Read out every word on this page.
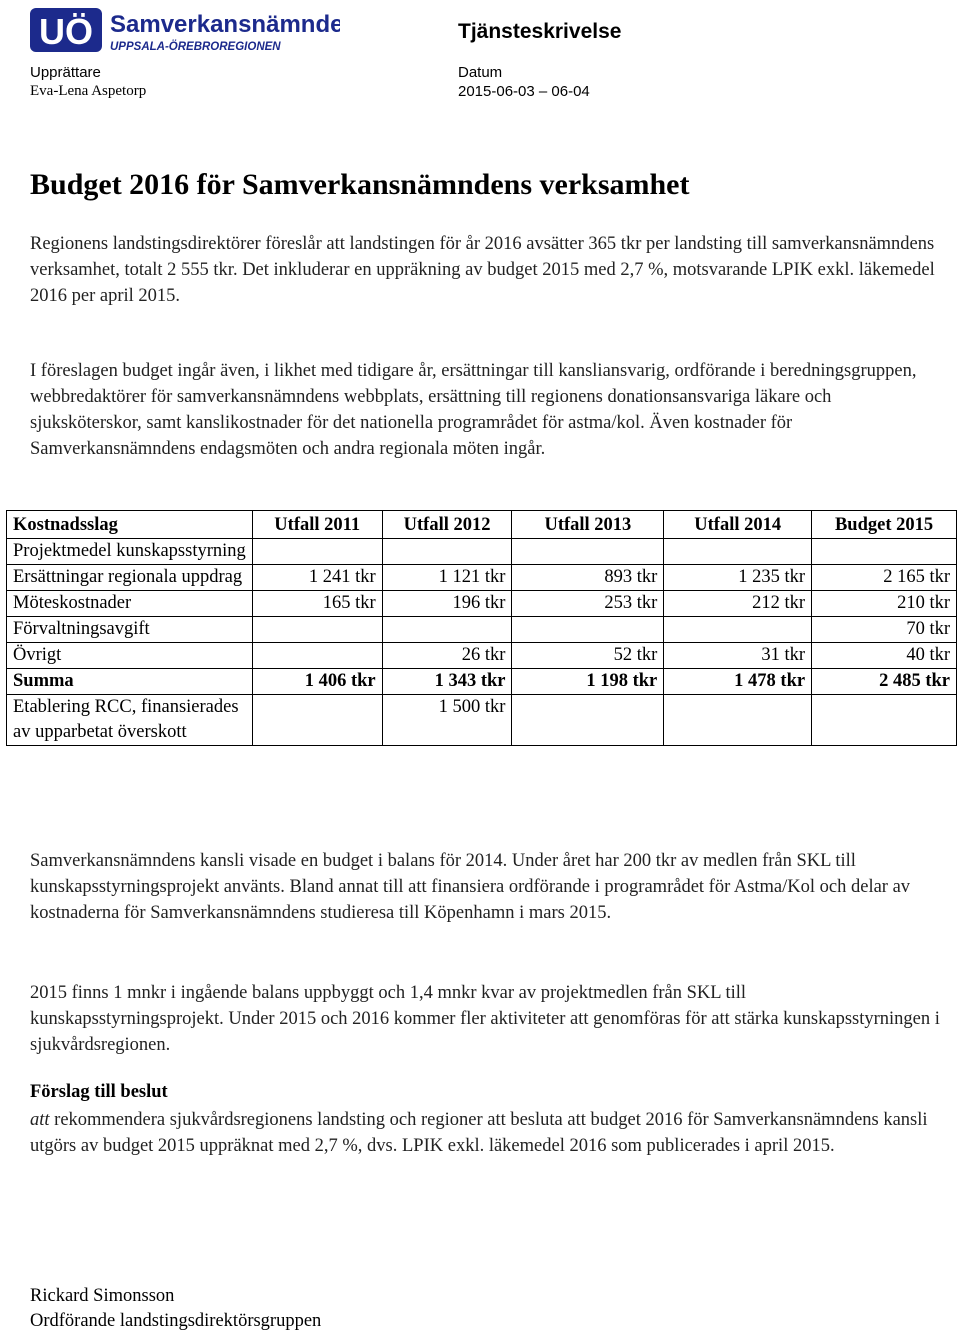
UÖ Samverkansnämnden
UPPSALA-ÖREBROREGIONEN
Tjänsteskrivelse
Upprättare
Eva-Lena Aspetorp
Datum
2015-06-03 – 06-04
Budget 2016 för Samverkansnämndens verksamhet
Regionens landstingsdirektörer föreslår att landstingen för år 2016 avsätter 365 tkr per landsting till samverkansnämndens verksamhet, totalt 2 555 tkr. Det inkluderar en uppräkning av budget 2015 med 2,7 %, motsvarande LPIK exkl. läkemedel 2016 per april 2015.
I föreslagen budget ingår även, i likhet med tidigare år, ersättningar till kansliansvarig, ordförande i beredningsgruppen, webbredaktörer för samverkansnämndens webbplats, ersättning till regionens donationsansvariga läkare och sjuksköterskor, samt kanslikostnader för det nationella programrådet för astma/kol. Även kostnader för Samverkansnämndens endagsmöten och andra regionala möten ingår.
Kostnadsslag	Utfall 2011	Utfall 2012	Utfall 2013	Utfall 2014	Budget 2015
Projektmedel kunskapsstyrning					
Ersättningar regionala uppdrag	1 241 tkr	1 121 tkr	893 tkr	1 235 tkr	2 165 tkr
Möteskostnader	165 tkr	196 tkr	253 tkr	212 tkr	210 tkr
Förvaltningsavgift					70 tkr
Övrigt		26 tkr	52 tkr	31 tkr	40 tkr
Summa	1 406 tkr	1 343 tkr	1 198 tkr	1 478 tkr	2 485 tkr
Etablering RCC, finansierades av upparbetat överskott		1 500 tkr			
Samverkansnämndens kansli visade en budget i balans för 2014. Under året har 200 tkr av medlen från SKL till kunskapsstyrningsprojekt använts. Bland annat till att finansiera ordförande i programrådet för Astma/Kol och delar av kostnaderna för Samverkansnämndens studieresa till Köpenhamn i mars 2015.
2015 finns 1 mnkr i ingående balans uppbyggt och 1,4 mnkr kvar av projektmedlen från SKL till kunskapsstyrningsprojekt. Under 2015 och 2016 kommer fler aktiviteter att genomföras för att stärka kunskapsstyrningen i sjukvårdsregionen.
Förslag till beslut
att rekommendera sjukvårdsregionens landsting och regioner att besluta att budget 2016 för Samverkansnämndens kansli utgörs av budget 2015 uppräknat med 2,7 %, dvs. LPIK exkl. läkemedel 2016 som publicerades i april 2015.
Rickard Simonsson
Ordförande landstingsdirektörsgruppen
